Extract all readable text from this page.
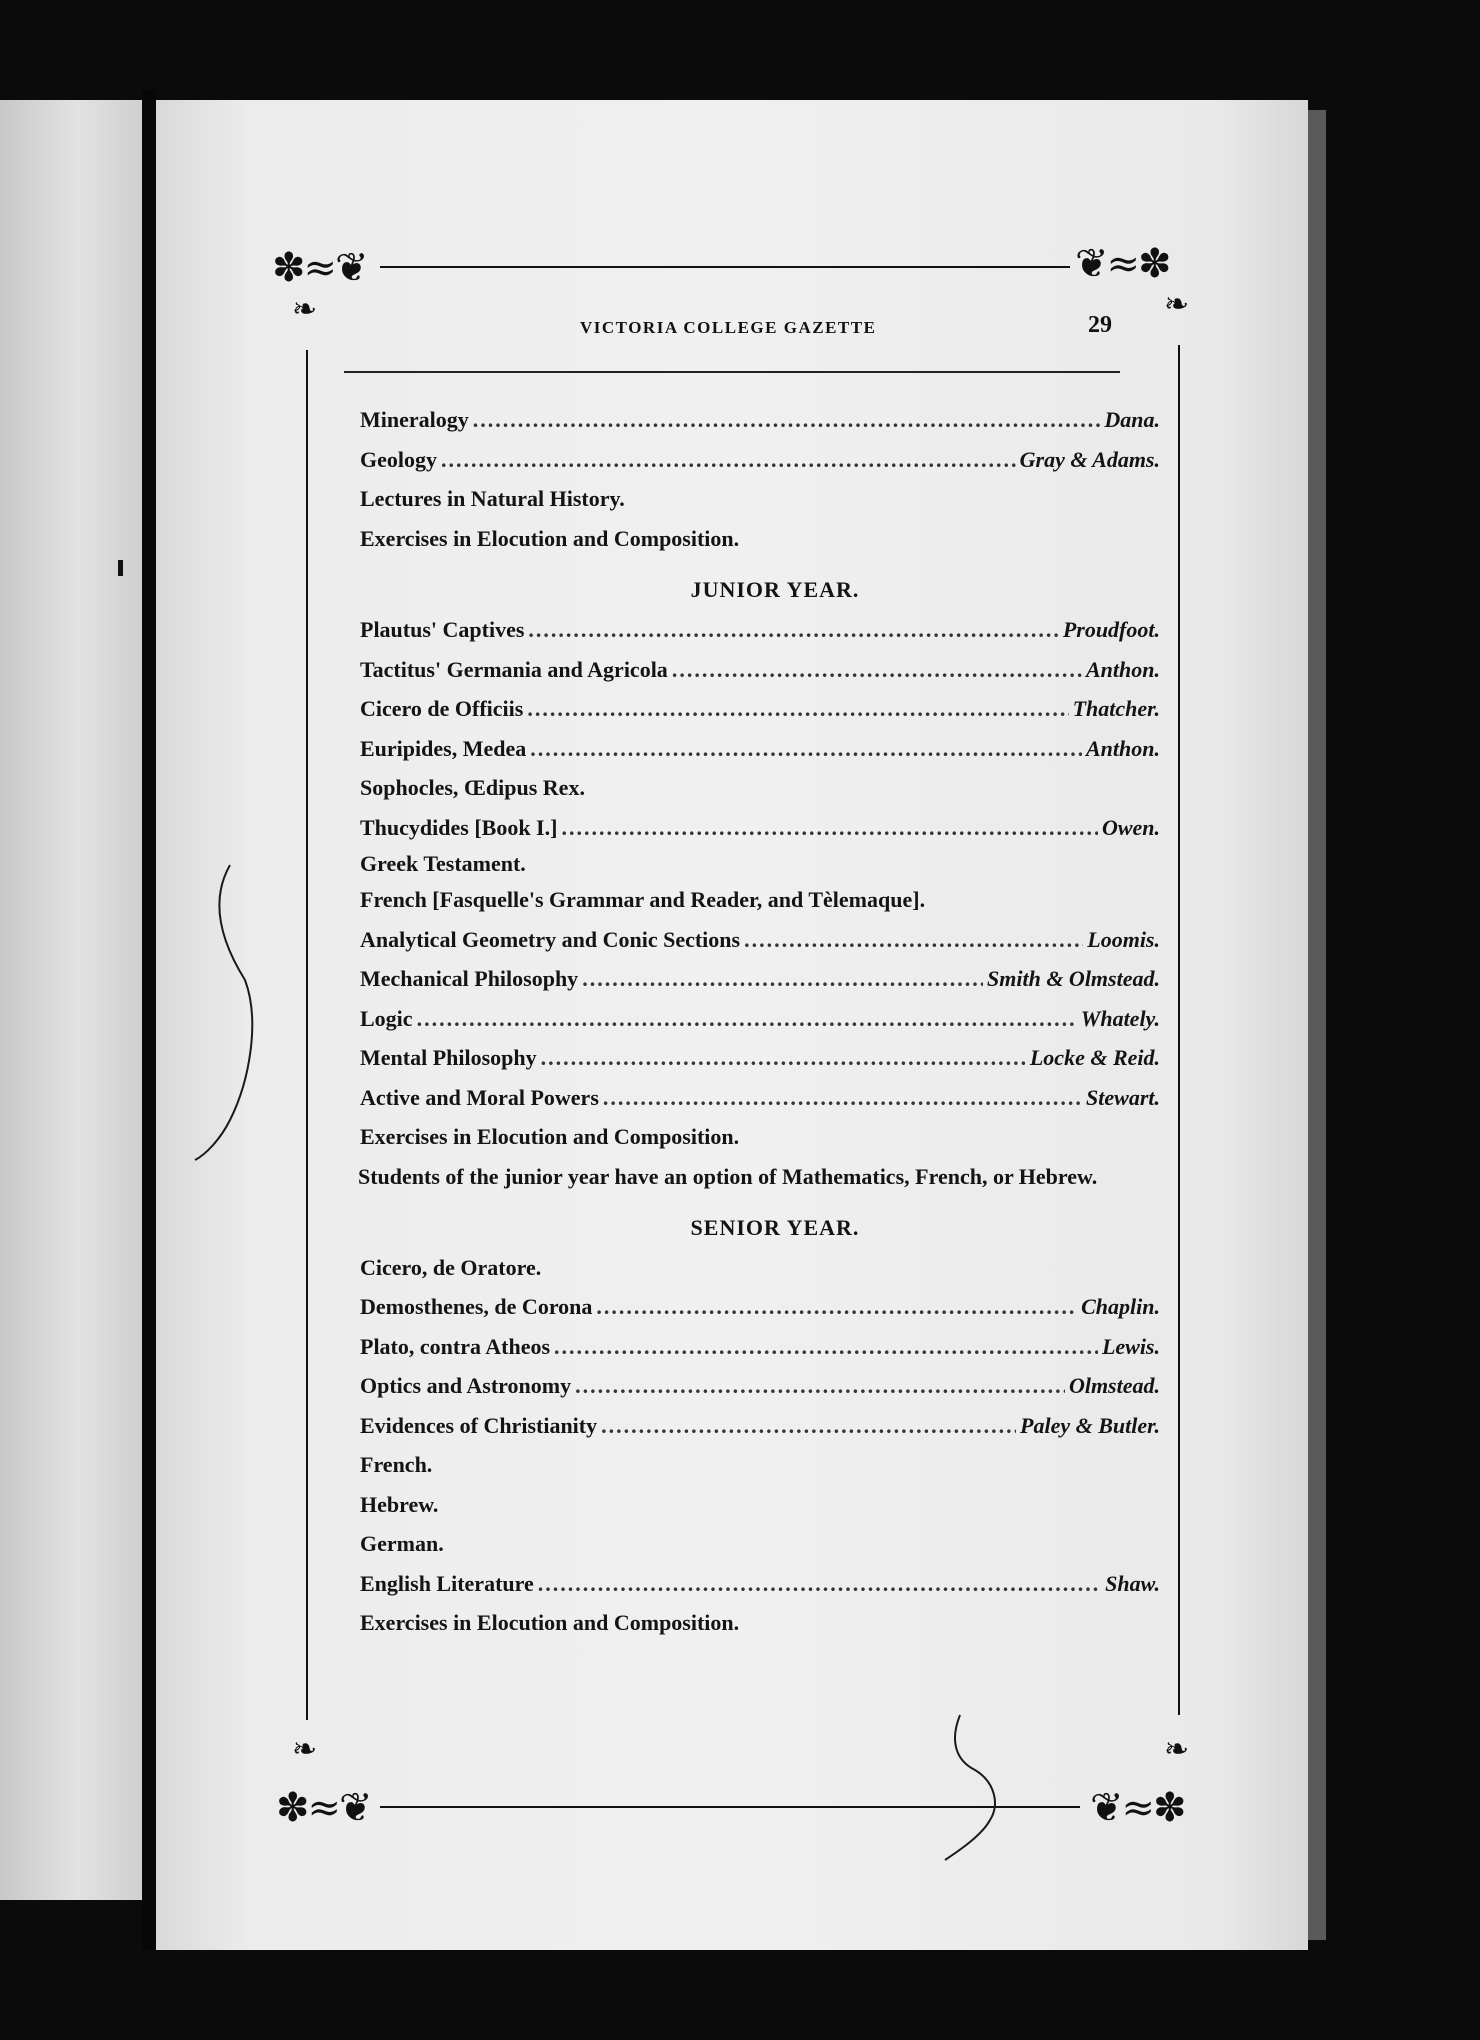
✽≈❦	❦≈✽
✽≈❦	❦≈✽
❧	❧
❧	❧
VICTORIA COLLEGE GAZETTE	29
Mineralogy .....	Dana.
Geology .....	Gray & Adams.
Lectures in Natural History.
Exercises in Elocution and Composition.
JUNIOR YEAR.
Plautus' Captives .....	Proudfoot.
Tactitus' Germania and Agricola .....	Anthon.
Cicero de Officiis .....	Thatcher.
Euripides, Medea .....	Anthon.
Sophocles, Œdipus Rex.
Thucydides [Book I.] .....	Owen.
Greek Testament.
French [Fasquelle's Grammar and Reader, and Tèlemaque].
Analytical Geometry and Conic Sections .....	Loomis.
Mechanical Philosophy .....	Smith & Olmstead.
Logic .....	Whately.
Mental Philosophy .....	Locke & Reid.
Active and Moral Powers .....	Stewart.
Exercises in Elocution and Composition.
Students of the junior year have an option of Mathematics, French, or Hebrew.
SENIOR YEAR.
Cicero, de Oratore.
Demosthenes, de Corona .....	Chaplin.
Plato, contra Atheos .....	Lewis.
Optics and Astronomy .....	Olmstead.
Evidences of Christianity .....	Paley & Butler.
French.
Hebrew.
German.
English Literature .....	Shaw.
Exercises in Elocution and Composition.
